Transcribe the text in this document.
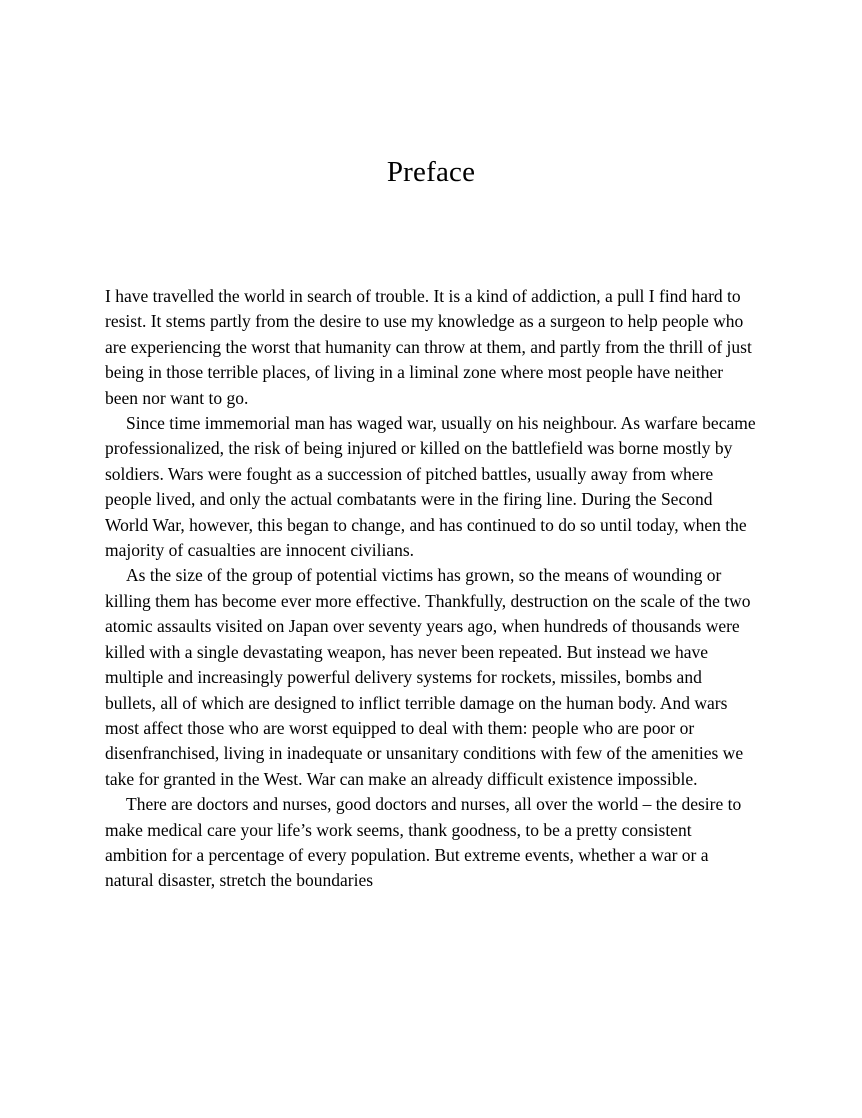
Preface

I have travelled the world in search of trouble. It is a kind of addiction, a pull I find hard to resist. It stems partly from the desire to use my knowledge as a surgeon to help people who are experiencing the worst that humanity can throw at them, and partly from the thrill of just being in those terrible places, of living in a liminal zone where most people have neither been nor want to go.

Since time immemorial man has waged war, usually on his neighbour. As warfare became professionalized, the risk of being injured or killed on the battlefield was borne mostly by soldiers. Wars were fought as a succession of pitched battles, usually away from where people lived, and only the actual combatants were in the firing line. During the Second World War, however, this began to change, and has continued to do so until today, when the majority of casualties are innocent civilians.

As the size of the group of potential victims has grown, so the means of wounding or killing them has become ever more effective. Thankfully, destruction on the scale of the two atomic assaults visited on Japan over seventy years ago, when hundreds of thousands were killed with a single devastating weapon, has never been repeated. But instead we have multiple and increasingly powerful delivery systems for rockets, missiles, bombs and bullets, all of which are designed to inflict terrible damage on the human body. And wars most affect those who are worst equipped to deal with them: people who are poor or disenfranchised, living in inadequate or unsanitary conditions with few of the amenities we take for granted in the West. War can make an already difficult existence impossible.

There are doctors and nurses, good doctors and nurses, all over the world – the desire to make medical care your life’s work seems, thank goodness, to be a pretty consistent ambition for a percentage of every population. But extreme events, whether a war or a natural disaster, stretch the boundaries
